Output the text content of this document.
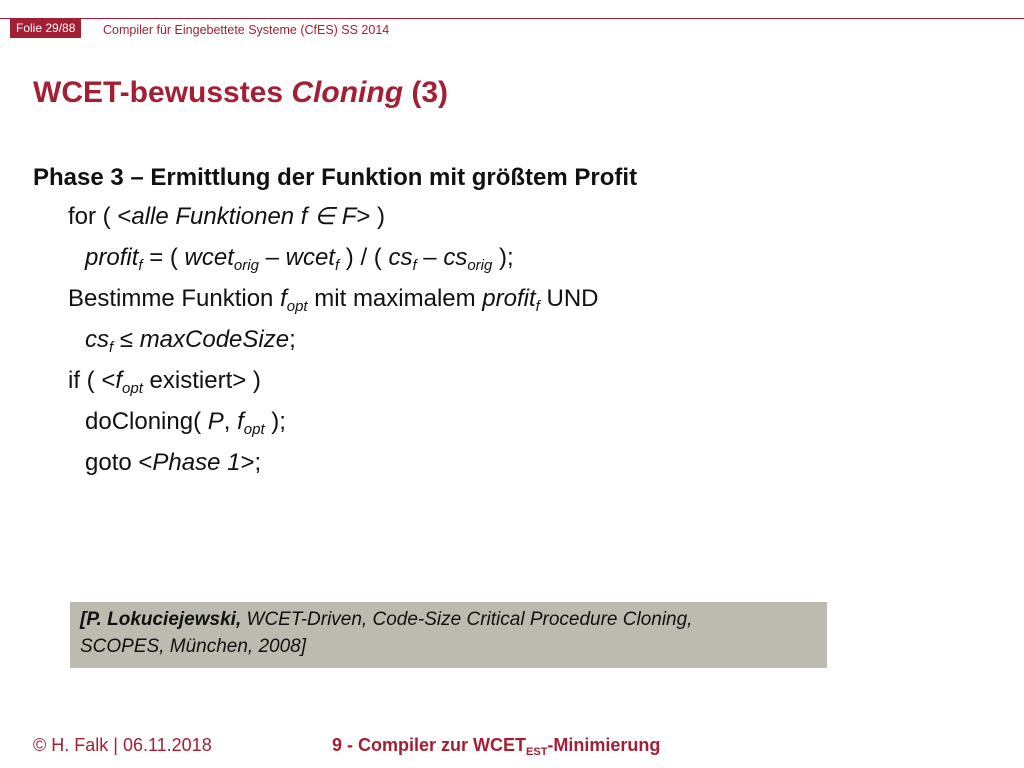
Folie 29/88	Compiler für Eingebettete Systeme (CfES) SS 2014
WCET-bewusstes Cloning (3)
Phase 3 – Ermittlung der Funktion mit größtem Profit
for ( <alle Funktionen f ∈ F> )
profit$_f$ = ( wcet$_{orig}$ – wcet$_f$ ) / ( $cs_f - cs_{orig}$ );
Bestimme Funktion $f_{opt}$ mit maximalem profit$_f$ UND
$cs_f$ ≤ maxCodeSize;
if ( $<f_{opt}$ existiert> )
doCloning( P, $f_{opt}$ );
goto <Phase 1>;
[P. Lokuciejewski, WCET-Driven, Code-Size Critical Procedure Cloning,
SCOPES, München, 2008]
© H. Falk | 06.11.2018	9 - Compiler zur $WCET_{EST}$-Minimierung
